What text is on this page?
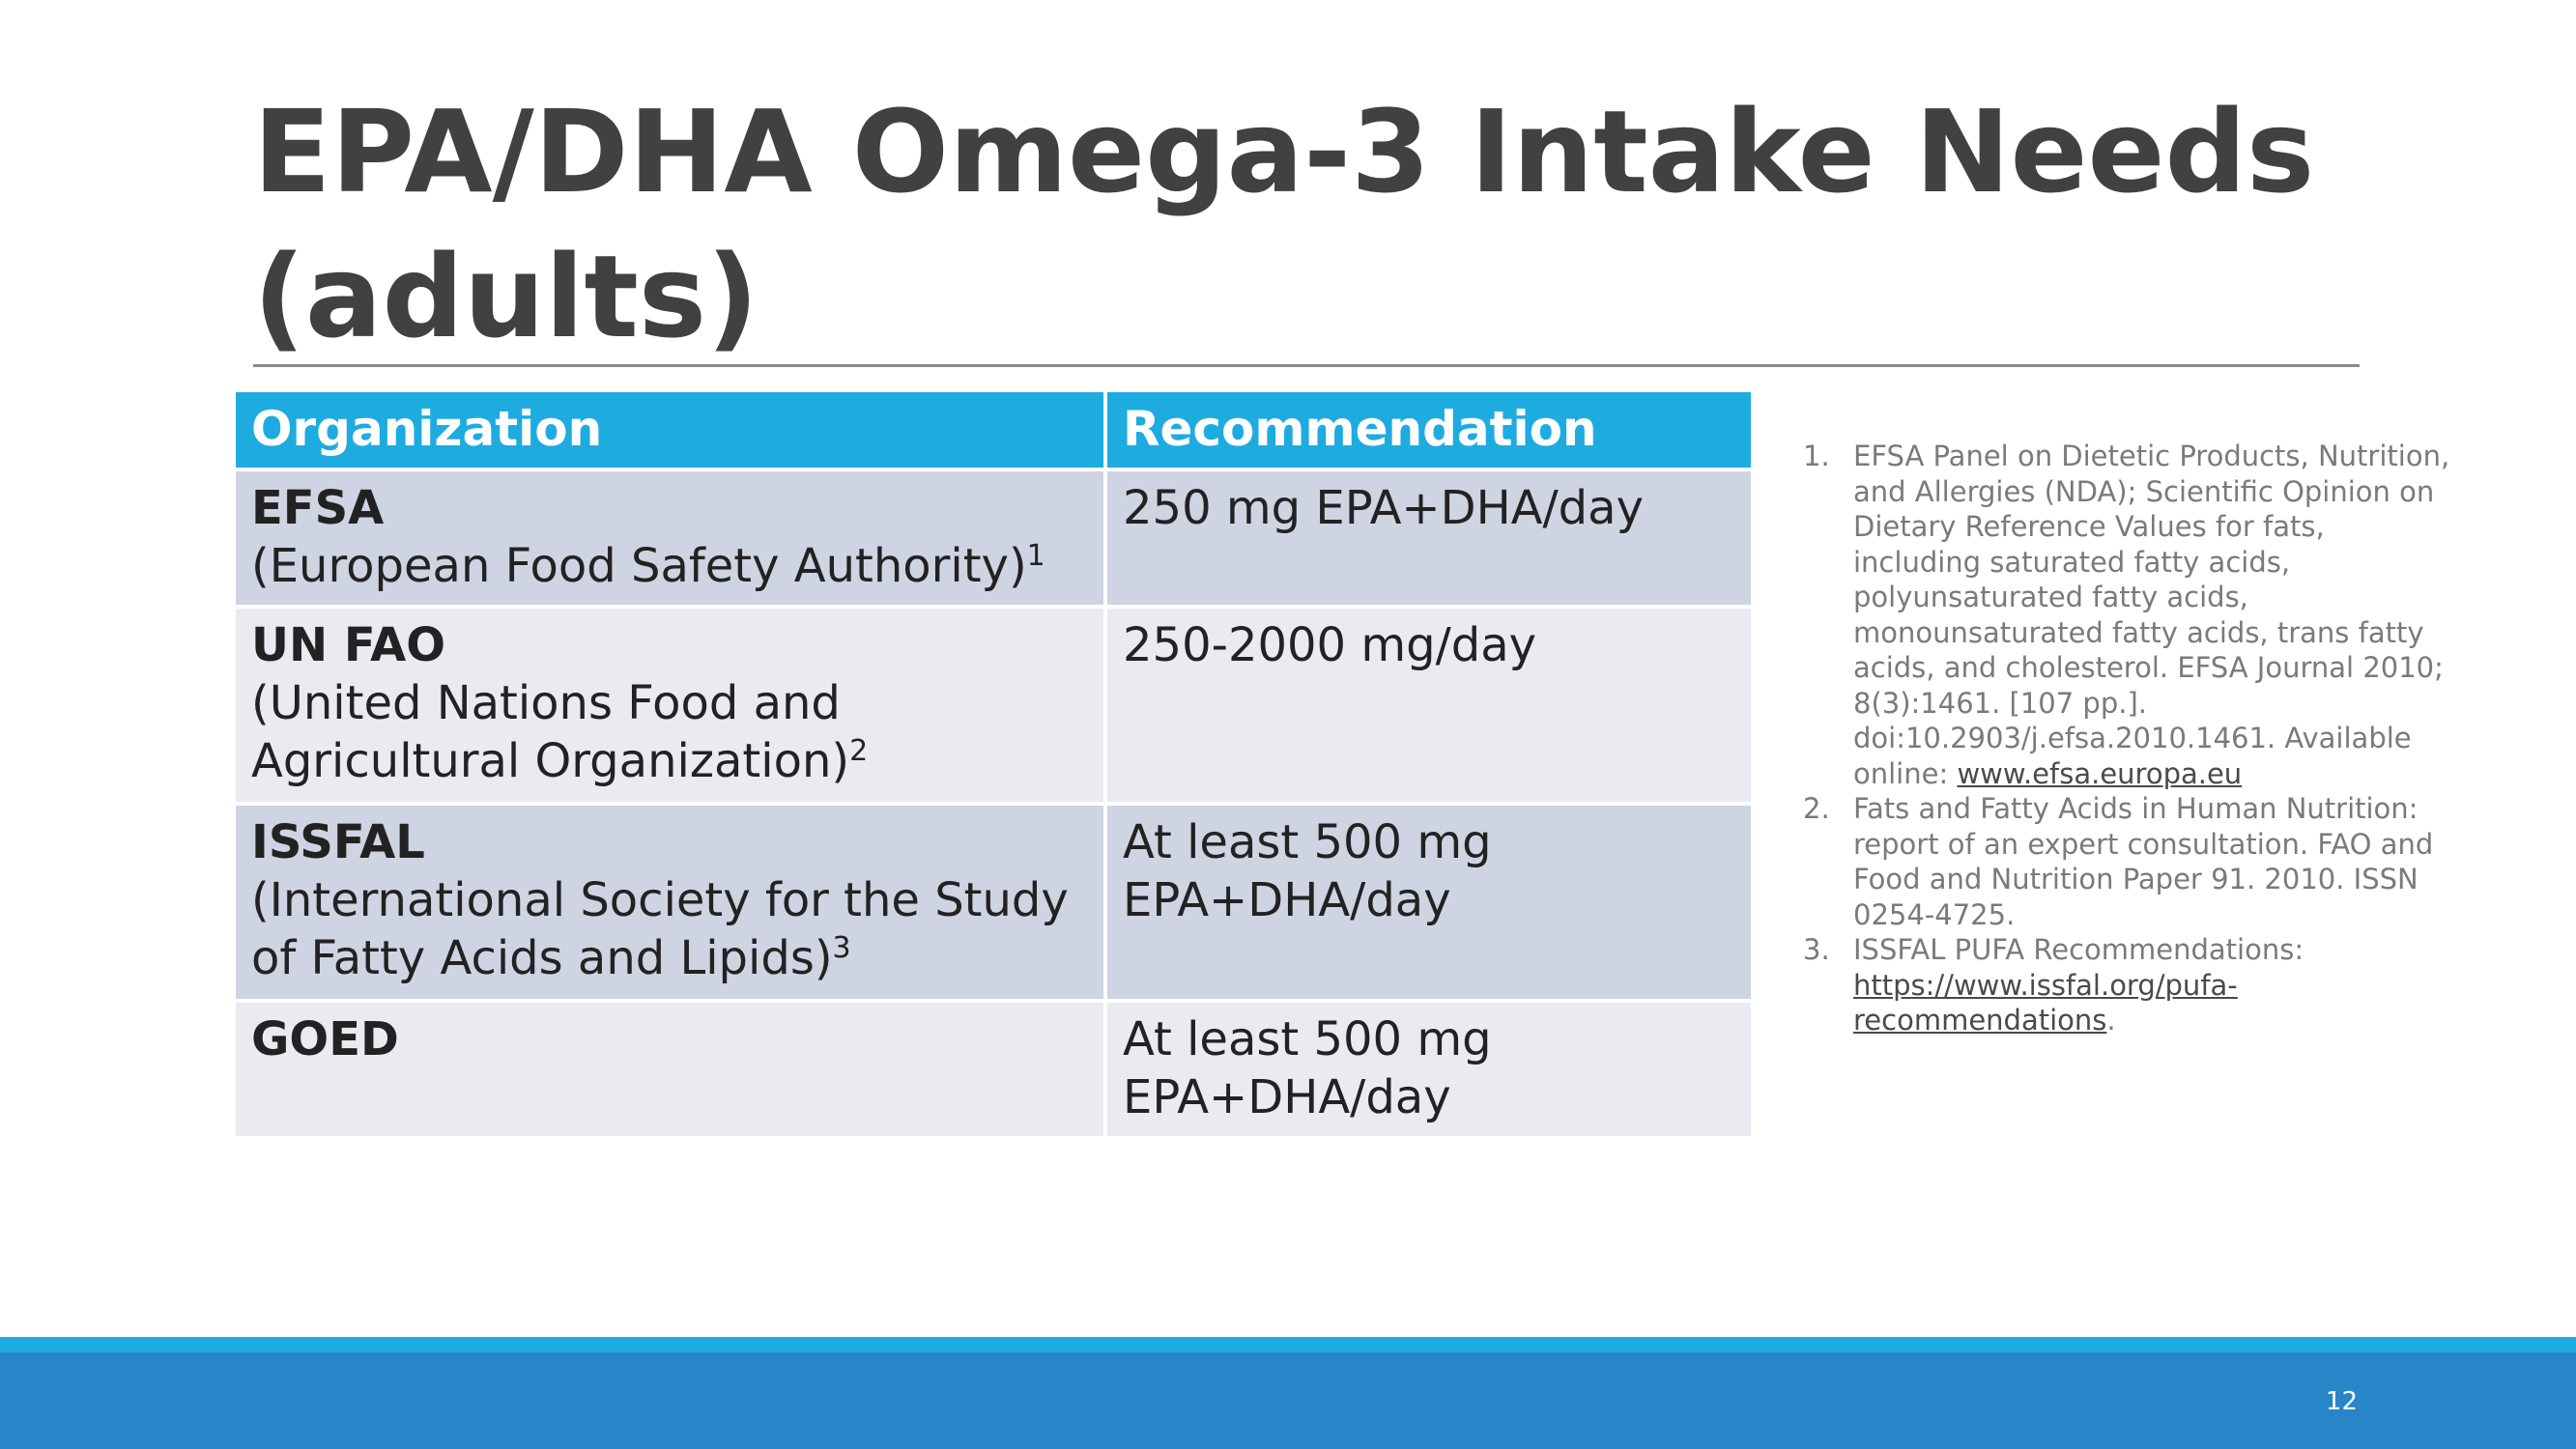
EPA/DHA Omega-3 Intake Needs (adults)
Organization	Recommendation

EFSA
(European Food Safety Authority)$^1$	250 mg EPA+DHA/day

UN FAO
(United Nations Food and Agricultural Organization)$^2$	250-2000 mg/day

ISSFAL
(International Society for the Study of Fatty Acids and Lipids)$^3$	At least 500 mg EPA+DHA/day

GOED	At least 500 mg EPA+DHA/day
1. EFSA Panel on Dietetic Products, Nutrition, and Allergies (NDA); Scientific Opinion on Dietary Reference Values for fats, including saturated fatty acids, polyunsaturated fatty acids, monounsaturated fatty acids, trans fatty acids, and cholesterol. EFSA Journal 2010; 8(3):1461. [107 pp.]. doi:10.2903/j.efsa.2010.1461. Available online: www.efsa.europa.eu
2. Fats and Fatty Acids in Human Nutrition: report of an expert consultation. FAO and Food and Nutrition Paper 91. 2010. ISSN 0254-4725.
3. ISSFAL PUFA Recommendations: https://www.issfal.org/pufa-recommendations.
12
